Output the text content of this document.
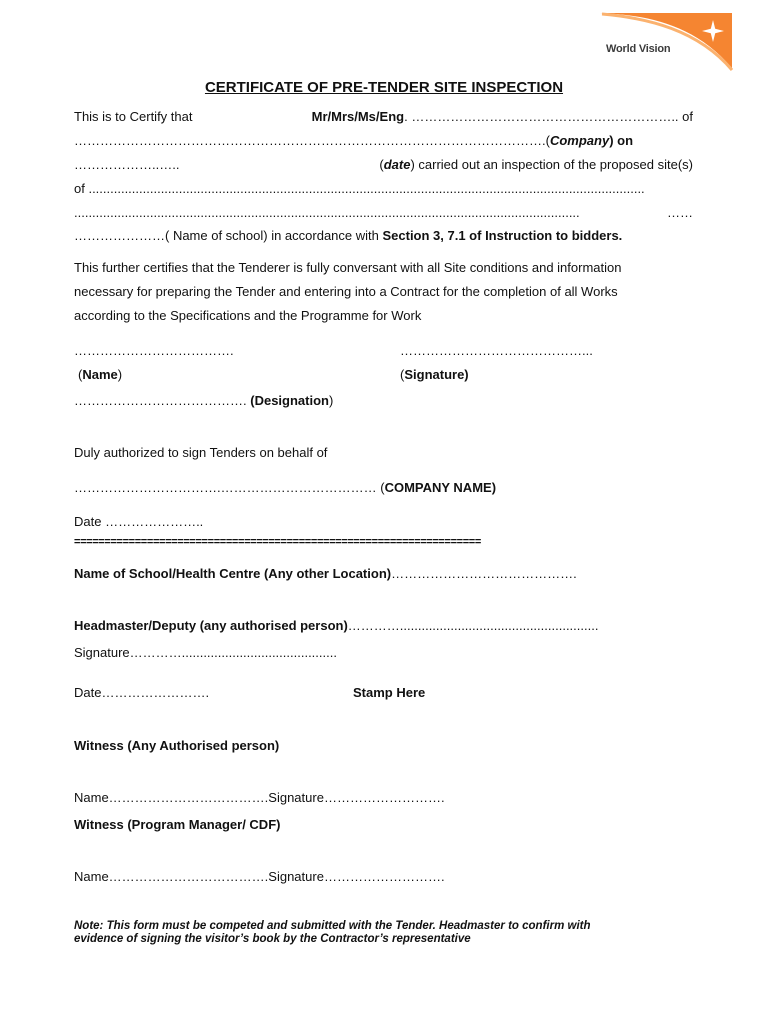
World Vision
CERTIFICATE OF PRE-TENDER SITE INSPECTION
This is to Certify that	Mr/Mrs/Ms/Eng. …………………………………………………….. of
……………………………………………………………………………………………….(Company) on
………………..…..	(date) carried out an inspection of the proposed site(s)
of ..........................................................................................................................................................
............................................................................................................................................	……
…………………( Name of school) in accordance with Section 3, 7.1 of Instruction to bidders.
This further certifies that the Tenderer is fully conversant with all Site conditions and information
necessary for preparing the Tender and entering into a Contract for the completion of all Works
according to the Specifications and the Programme for Work
……………………………….	……………………………………...
(Name)	(Signature)
…………………………………. (Designation)
Duly authorized to sign Tenders on behalf of
…………………………….……………………………… (COMPANY NAME)
Date …………………..
===================================================================
Name of School/Health Centre (Any other Location)…………………………………….
Headmaster/Deputy (any authorised person)………….......................................................
Signature…………...........................................
Date…………………….	Stamp Here
Witness (Any Authorised person)
Name……………………………….Signature……………………….
Witness (Program Manager/ CDF)
Name……………………………….Signature……………………….
Note: This form must be competed and submitted with the Tender. Headmaster to confirm with
evidence of signing the visitor’s book by the Contractor’s representative
